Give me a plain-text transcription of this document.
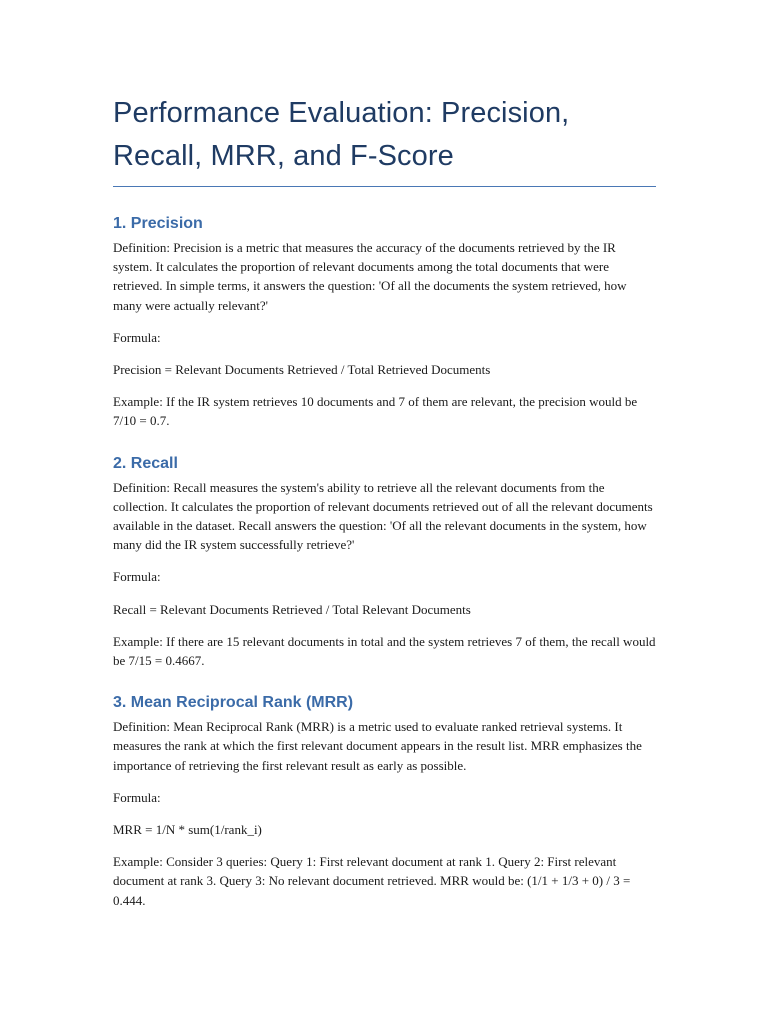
Performance Evaluation: Precision, Recall, MRR, and F-Score
1. Precision

Definition: Precision is a metric that measures the accuracy of the documents retrieved by the IR system. It calculates the proportion of relevant documents among the total documents that were retrieved. In simple terms, it answers the question: 'Of all the documents the system retrieved, how many were actually relevant?'

Formula:

Precision = Relevant Documents Retrieved / Total Retrieved Documents

Example: If the IR system retrieves 10 documents and 7 of them are relevant, the precision would be 7/10 = 0.7.

2. Recall

Definition: Recall measures the system's ability to retrieve all the relevant documents from the collection. It calculates the proportion of relevant documents retrieved out of all the relevant documents available in the dataset. Recall answers the question: 'Of all the relevant documents in the system, how many did the IR system successfully retrieve?'

Formula:

Recall = Relevant Documents Retrieved / Total Relevant Documents

Example: If there are 15 relevant documents in total and the system retrieves 7 of them, the recall would be 7/15 = 0.4667.

3. Mean Reciprocal Rank (MRR)

Definition: Mean Reciprocal Rank (MRR) is a metric used to evaluate ranked retrieval systems. It measures the rank at which the first relevant document appears in the result list. MRR emphasizes the importance of retrieving the first relevant result as early as possible.

Formula:

MRR = 1/N * sum(1/rank_i)

Example: Consider 3 queries: Query 1: First relevant document at rank 1. Query 2: First relevant document at rank 3. Query 3: No relevant document retrieved. MRR would be: (1/1 + 1/3 + 0) / 3 = 0.444.
